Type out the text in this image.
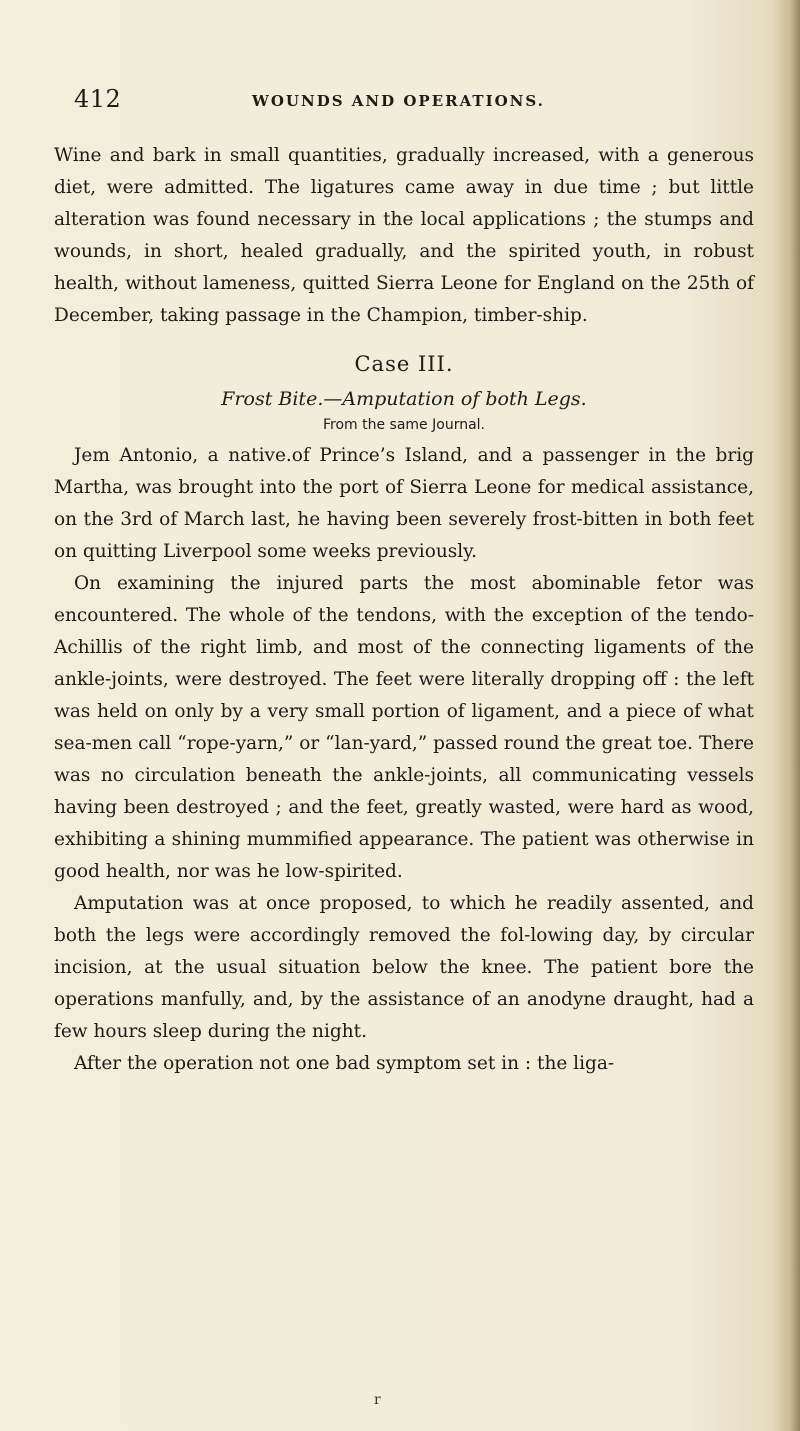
412	WOUNDS AND OPERATIONS.

Wine and bark in small quantities, gradually increased, with a generous diet, were admitted. The ligatures came away in due time ; but little alteration was found necessary in the local applications ; the stumps and wounds, in short, healed gradually, and the spirited youth, in robust health, without lameness, quitted Sierra Leone for England on the 25th of December, taking passage in the Champion, timber-ship.

Case III.

Frost Bite.—Amputation of both Legs.

From the same Journal.

Jem Antonio, a native.of Prince’s Island, and a passenger in the brig Martha, was brought into the port of Sierra Leone for medical assistance, on the 3rd of March last, he having been severely frost-bitten in both feet on quitting Liverpool some weeks previously.

On examining the injured parts the most abominable fetor was encountered. The whole of the tendons, with the exception of the tendo-Achillis of the right limb, and most of the connecting ligaments of the ankle-joints, were destroyed. The feet were literally dropping off : the left was held on only by a very small portion of ligament, and a piece of what sea-men call “rope-yarn,” or “lan-yard,” passed round the great toe. There was no circulation beneath the ankle-joints, all communicating vessels having been destroyed ; and the feet, greatly wasted, were hard as wood, exhibiting a shining mummified appearance. The patient was otherwise in good health, nor was he low-spirited.

Amputation was at once proposed, to which he readily assented, and both the legs were accordingly removed the fol-lowing day, by circular incision, at the usual situation below the knee. The patient bore the operations manfully, and, by the assistance of an anodyne draught, had a few hours sleep during the night.

After the operation not one bad symptom set in : the liga-

r
